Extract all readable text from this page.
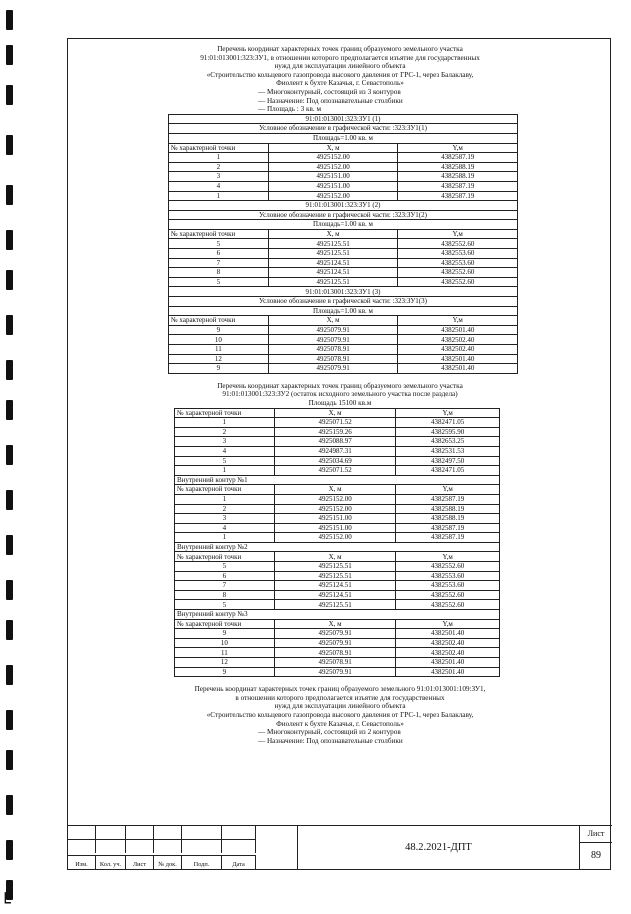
Перечень координат характерных точек границ образуемого земельного участка
91:01:013001:323:ЗУ1, в отношении которого предполагается изъятие для государственных
нужд для эксплуатации линейного объекта
«Строительство кольцевого газопровода высокого давления от ГРС-1, через Балаклаву,
Фиолент к бухте Казачья, г. Севастополь»
— Многоконтурный, состоящий из 3 контуров
— Назначение: Под опознавательные столбики
— Площадь : 3 кв. м
91:01:013001:323:ЗУ1 (1)		
Условное обозначение в графической части: :323:ЗУ1(1)		
Площадь=1.00 кв. м		
№ характерной точки	X, м	Y,м
1	4925152.00	4382587.19
2	4925152.00	4382588.19
3	4925151.00	4382588.19
4	4925151.00	4382587.19
1	4925152.00	4382587.19
91:01:013001:323:ЗУ1 (2)		
Условное обозначение в графической части: :323:ЗУ1(2)		
Площадь=1.00 кв. м		
№ характерной точки	X, м	Y,м
5	4925125.51	4382552.60
6	4925125.51	4382553.60
7	4925124.51	4382553.60
8	4925124.51	4382552.60
5	4925125.51	4382552.60
91:01:013001:323:ЗУ1 (3)		
Условное обозначение в графической части: :323:ЗУ1(3)		
Площадь=1.00 кв. м		
№ характерной точки	X, м	Y,м
9	4925079.91	4382501.40
10	4925079.91	4382502.40
11	4925078.91	4382502.40
12	4925078.91	4382501.40
9	4925079.91	4382501.40
Перечень координат характерных точек границ образуемого земельного участка
91:01:013001:323:ЗУ2 (остаток исходного земельного участка после раздела)
Площадь 15100 кв.м
№ характерной точки	X, м	Y,м
1	4925071.52	4382471.05
2	4925159.26	4382595.90
3	4925088.97	4382653.25
4	4924987.31	4382531.53
5	4925034.69	4382497.50
1	4925071.52	4382471.05
Внутренний контур №1		
№ характерной точки	X, м	Y,м
1	4925152.00	4382587.19
2	4925152.00	4382588.19
3	4925151.00	4382588.19
4	4925151.00	4382587.19
1	4925152.00	4382587.19
Внутренний контур №2		
№ характерной точки	X, м	Y,м
5	4925125.51	4382552.60
6	4925125.51	4382553.60
7	4925124.51	4382553.60
8	4925124.51	4382552.60
5	4925125.51	4382552.60
Внутренний контур №3		
№ характерной точки	X, м	Y,м
9	4925079.91	4382501.40
10	4925079.91	4382502.40
11	4925078.91	4382502.40
12	4925078.91	4382501.40
9	4925079.91	4382501.40
Перечень координат характерных точек границ образуемого земельного 91:01:013001:109:ЗУ1,
в отношении которого предполагается изъятие для государственных
нужд для эксплуатации линейного объекта
«Строительство кольцевого газопровода высокого давления от ГРС-1, через Балаклаву,
Фиолент к бухте Казачья, г. Севастополь»
— Многоконтурный, состоящий из 2 контуров
— Назначение: Под опознавательные столбики
Изм.	Кол. уч.	Лист	№ док.	Подп.	Дата
48.2.2021-ДПТ
Лист
89
└
